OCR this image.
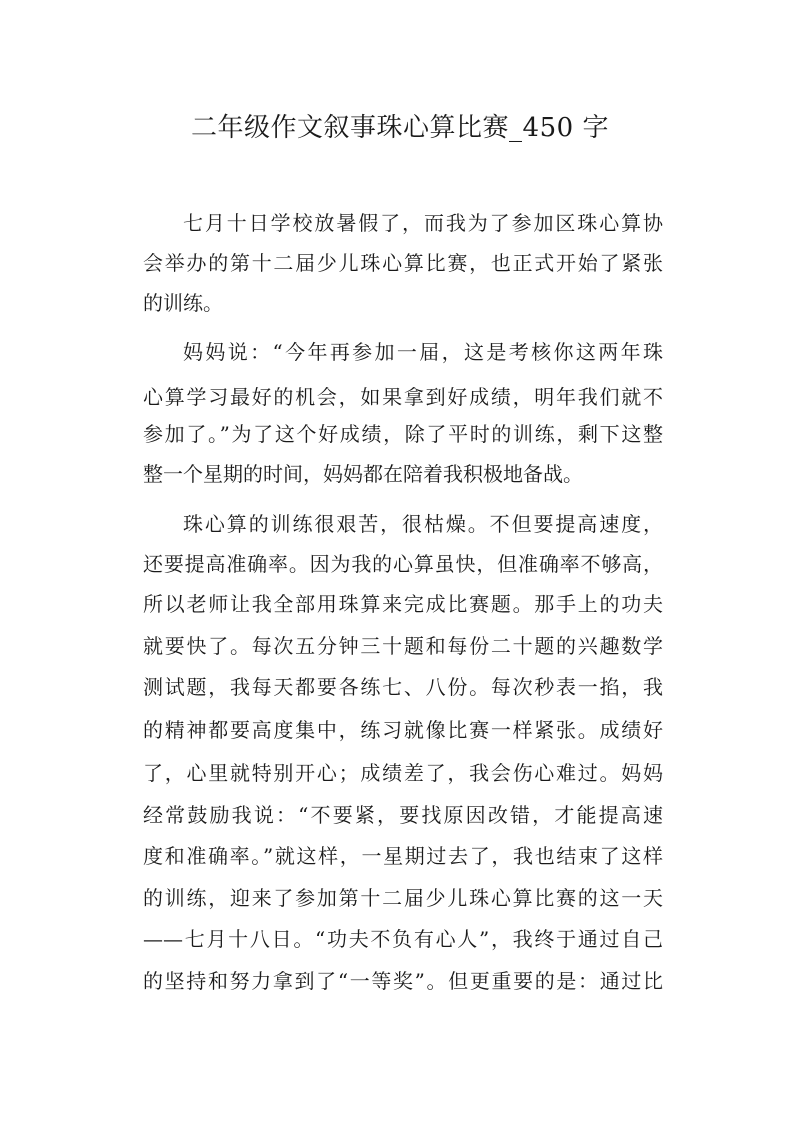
二年级作文叙事珠心算比赛_450 字
七月十日学校放暑假了，而我为了参加区珠心算协
会举办的第十二届少儿珠心算比赛，也正式开始了紧张
的训练。
妈妈说：“今年再参加一届，这是考核你这两年珠
心算学习最好的机会，如果拿到好成绩，明年我们就不
参加了。”为了这个好成绩，除了平时的训练，剩下这整
整一个星期的时间，妈妈都在陪着我积极地备战。
珠心算的训练很艰苦，很枯燥。不但要提高速度，
还要提高准确率。因为我的心算虽快，但准确率不够高，
所以老师让我全部用珠算来完成比赛题。那手上的功夫
就要快了。每次五分钟三十题和每份二十题的兴趣数学
测试题，我每天都要各练七、八份。每次秒表一掐，我
的精神都要高度集中，练习就像比赛一样紧张。成绩好
了，心里就特别开心；成绩差了，我会伤心难过。妈妈
经常鼓励我说：“不要紧，要找原因改错，才能提高速
度和准确率。”就这样，一星期过去了，我也结束了这样
的训练，迎来了参加第十二届少儿珠心算比赛的这一天
——七月十八日。“功夫不负有心人”，我终于通过自己
的坚持和努力拿到了“一等奖”。但更重要的是：通过比
